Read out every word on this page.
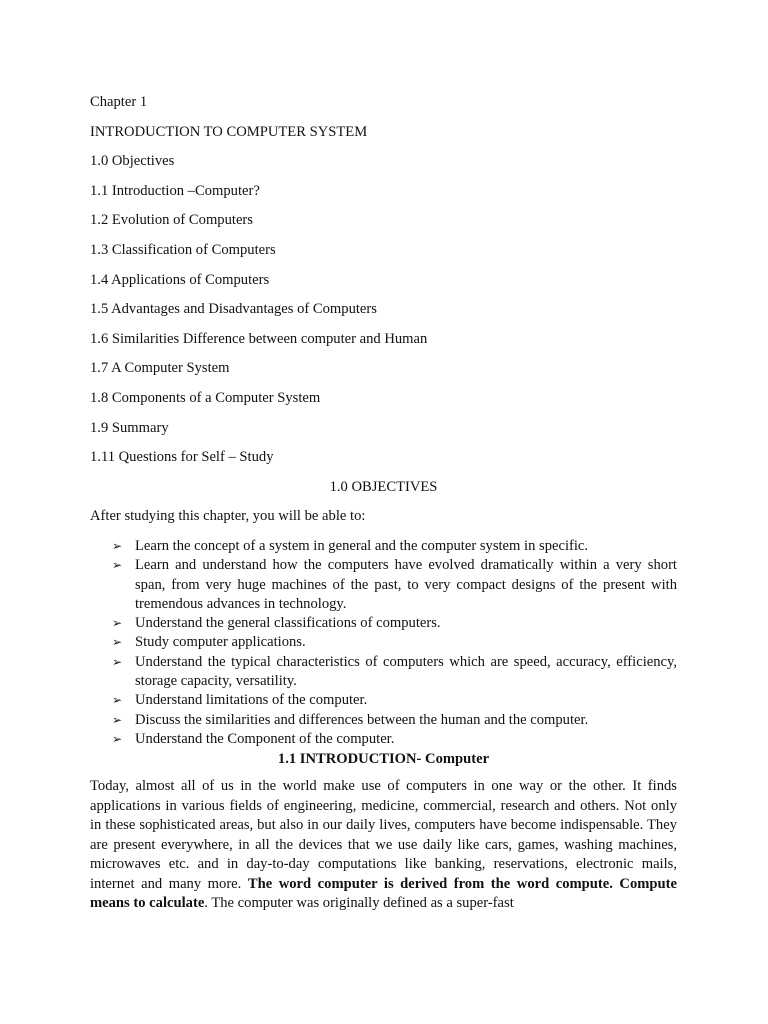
Chapter 1

INTRODUCTION TO COMPUTER SYSTEM

1.0 Objectives

1.1 Introduction –Computer?

1.2 Evolution of Computers

1.3 Classification of Computers

1.4 Applications of Computers

1.5 Advantages and Disadvantages of Computers

1.6 Similarities Difference between computer and Human

1.7 A Computer System

1.8 Components of a Computer System

1.9 Summary

1.11 Questions for Self – Study

1.0 OBJECTIVES

After studying this chapter, you will be able to:

➢ Learn the concept of a system in general and the computer system in specific.
➢ Learn and understand how the computers have evolved dramatically within a very short span, from very huge machines of the past, to very compact designs of the present with tremendous advances in technology.
➢ Understand the general classifications of computers.
➢ Study computer applications.
➢ Understand the typical characteristics of computers which are speed, accuracy, efficiency, storage capacity, versatility.
➢ Understand limitations of the computer.
➢ Discuss the similarities and differences between the human and the computer.
➢ Understand the Component of the computer.

1.1 INTRODUCTION- Computer

Today, almost all of us in the world make use of computers in one way or the other. It finds applications in various fields of engineering, medicine, commercial, research and others. Not only in these sophisticated areas, but also in our daily lives, computers have become indispensable. They are present everywhere, in all the devices that we use daily like cars, games, washing machines, microwaves etc. and in day-to-day computations like banking, reservations, electronic mails, internet and many more. The word computer is derived from the word compute. Compute means to calculate. The computer was originally defined as a super-fast
